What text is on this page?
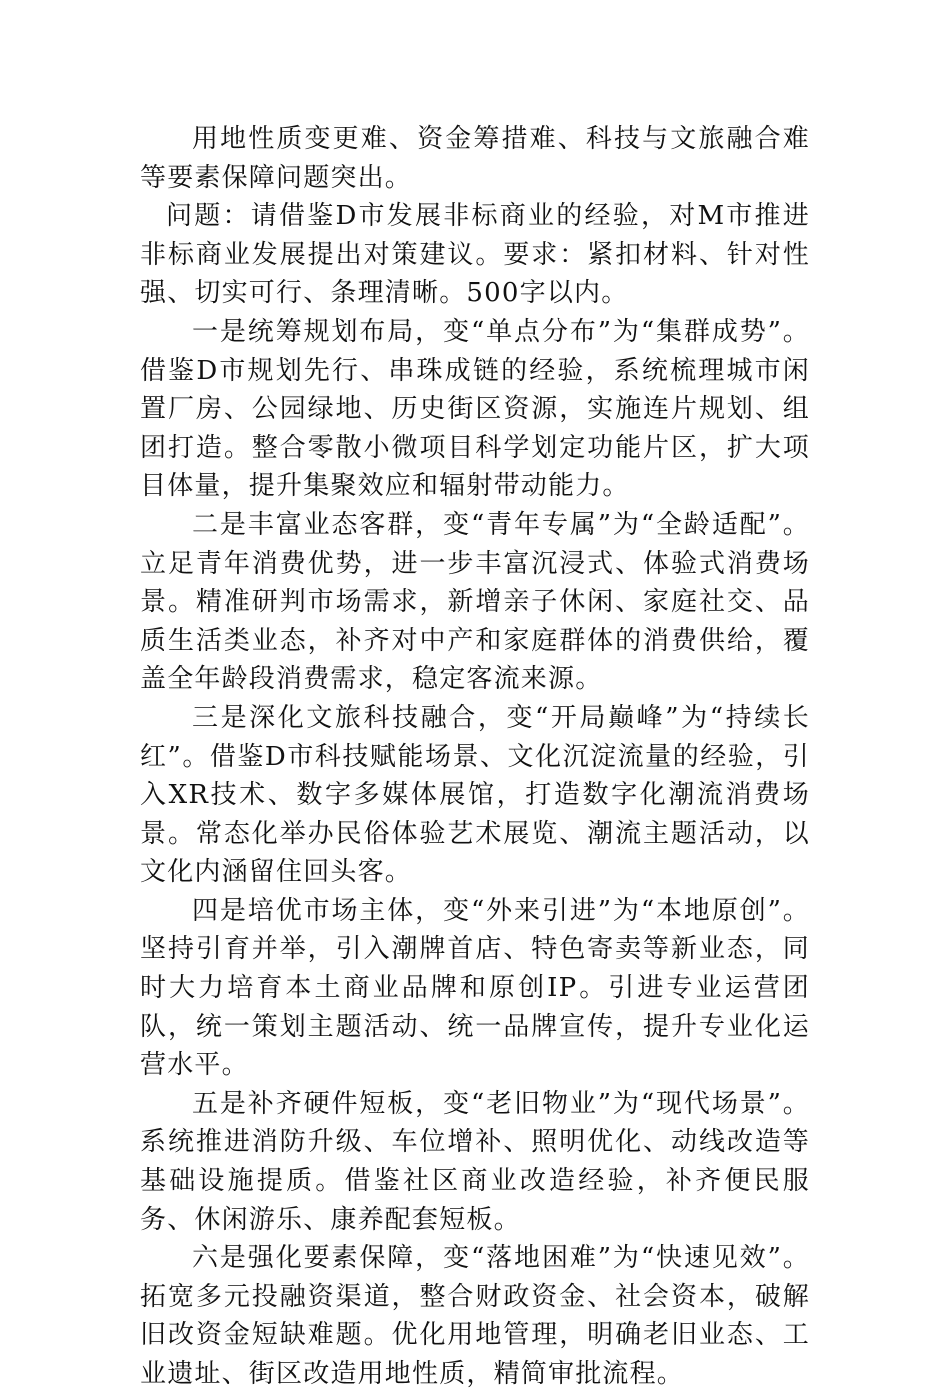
用地性质变更难、资金筹措难、科技与文旅融合难等要素保障问题突出。

问题：请借鉴D市发展非标商业的经验，对M市推进非标商业发展提出对策建议。要求：紧扣材料、针对性强、切实可行、条理清晰。500字以内。

一是统筹规划布局，变“单点分布”为“集群成势”。借鉴D市规划先行、串珠成链的经验，系统梳理城市闲置厂房、公园绿地、历史街区资源，实施连片规划、组团打造。整合零散小微项目科学划定功能片区，扩大项目体量，提升集聚效应和辐射带动能力。

二是丰富业态客群，变“青年专属”为“全龄适配”。立足青年消费优势，进一步丰富沉浸式、体验式消费场景。精准研判市场需求，新增亲子休闲、家庭社交、品质生活类业态，补齐对中产和家庭群体的消费供给，覆盖全年龄段消费需求，稳定客流来源。

三是深化文旅科技融合，变“开局巅峰”为“持续长红”。借鉴D市科技赋能场景、文化沉淀流量的经验，引入XR技术、数字多媒体展馆，打造数字化潮流消费场景。常态化举办民俗体验艺术展览、潮流主题活动，以文化内涵留住回头客。

四是培优市场主体，变“外来引进”为“本地原创”。坚持引育并举，引入潮牌首店、特色寄卖等新业态，同时大力培育本土商业品牌和原创IP。引进专业运营团队，统一策划主题活动、统一品牌宣传，提升专业化运营水平。

五是补齐硬件短板，变“老旧物业”为“现代场景”。系统推进消防升级、车位增补、照明优化、动线改造等基础设施提质。借鉴社区商业改造经验，补齐便民服务、休闲游乐、康养配套短板。

六是强化要素保障，变“落地困难”为“快速见效”。拓宽多元投融资渠道，整合财政资金、社会资本，破解旧改资金短缺难题。优化用地管理，明确老旧业态、工业遗址、街区改造用地性质，精简审批流程。
